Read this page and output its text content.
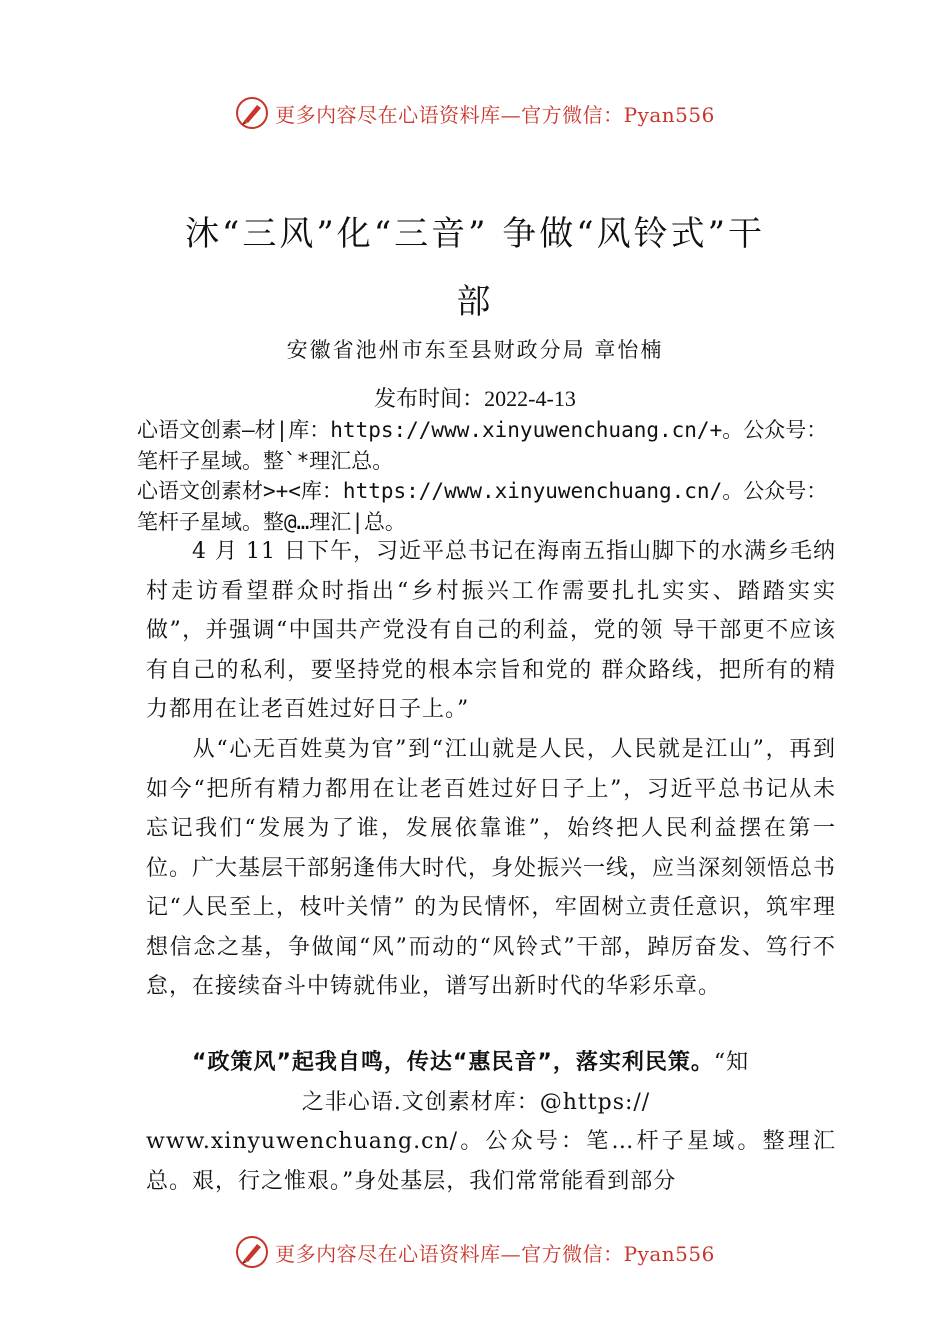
更多内容尽在心语资料库—官方微信：Pyan556
沐“三风”化“三音” 争做“风铃式”干
部
安徽省池州市东至县财政分局 章怡楠
发布时间：2022-4-13
心语文创素—材|库：https://www.xinyuwenchuang.cn/+。公众号：笔杆子星域。整`*理汇总。
心语文创素材>+<库：https://www.xinyuwenchuang.cn/。公众号：笔杆子星域。整@…理汇|总。
4 月 11 日下午，习近平总书记在海南五指山脚下的水满乡毛纳村走访看望群众时指出“乡村振兴工作需要扎扎实实、踏踏实实做”，并强调“中国共产党没有自己的利益，党的领 导干部更不应该有自己的私利，要坚持党的根本宗旨和党的 群众路线，把所有的精力都用在让老百姓过好日子上。”
从“心无百姓莫为官”到“江山就是人民，人民就是江山”，再到如今“把所有精力都用在让老百姓过好日子上”，习近平总书记从未忘记我们“发展为了谁，发展依靠谁”，始终把人民利益摆在第一位。广大基层干部躬逢伟大时代，身处振兴一线，应当深刻领悟总书记“人民至上，枝叶关情” 的为民情怀，牢固树立责任意识，筑牢理想信念之基，争做闻“风”而动的“风铃式”干部，踔厉奋发、笃行不怠，在接续奋斗中铸就伟业，谱写出新时代的华彩乐章。
“政策风”起我自鸣，传达“惠民音”，落实利民策。“知
之非心语.文创素材库：@https://
www.xinyuwenchuang.cn/。公众号：笔…杆子星域。整理汇总。艰，行之惟艰。”身处基层，我们常常能看到部分
更多内容尽在心语资料库—官方微信：Pyan556
